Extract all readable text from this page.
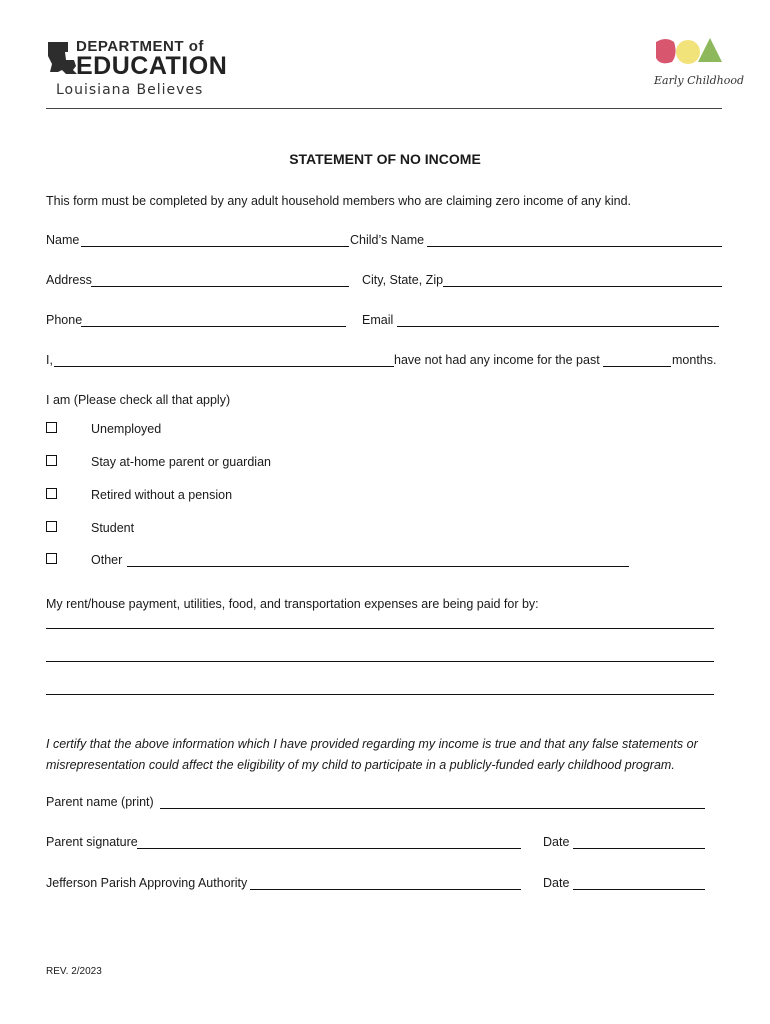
DEPARTMENT of
EDUCATION
Louisiana Believes
Early Childhood
STATEMENT OF NO INCOME
This form must be completed by any adult household members who are claiming zero income of any kind.
Name	Child’s Name
Address	City, State, Zip
Phone	Email
I,	have not had any income for the past	months.
I am (Please check all that apply)
Unemployed
Stay at-home parent or guardian
Retired without a pension
Student
Other
My rent/house payment, utilities, food, and transportation expenses are being paid for by:
I certify that the above information which I have provided regarding my income is true and that any false statements or misrepresentation could affect the eligibility of my child to participate in a publicly-funded early childhood program.
Parent name (print)
Parent signature	Date
Jefferson Parish Approving Authority	Date
REV. 2/2023
